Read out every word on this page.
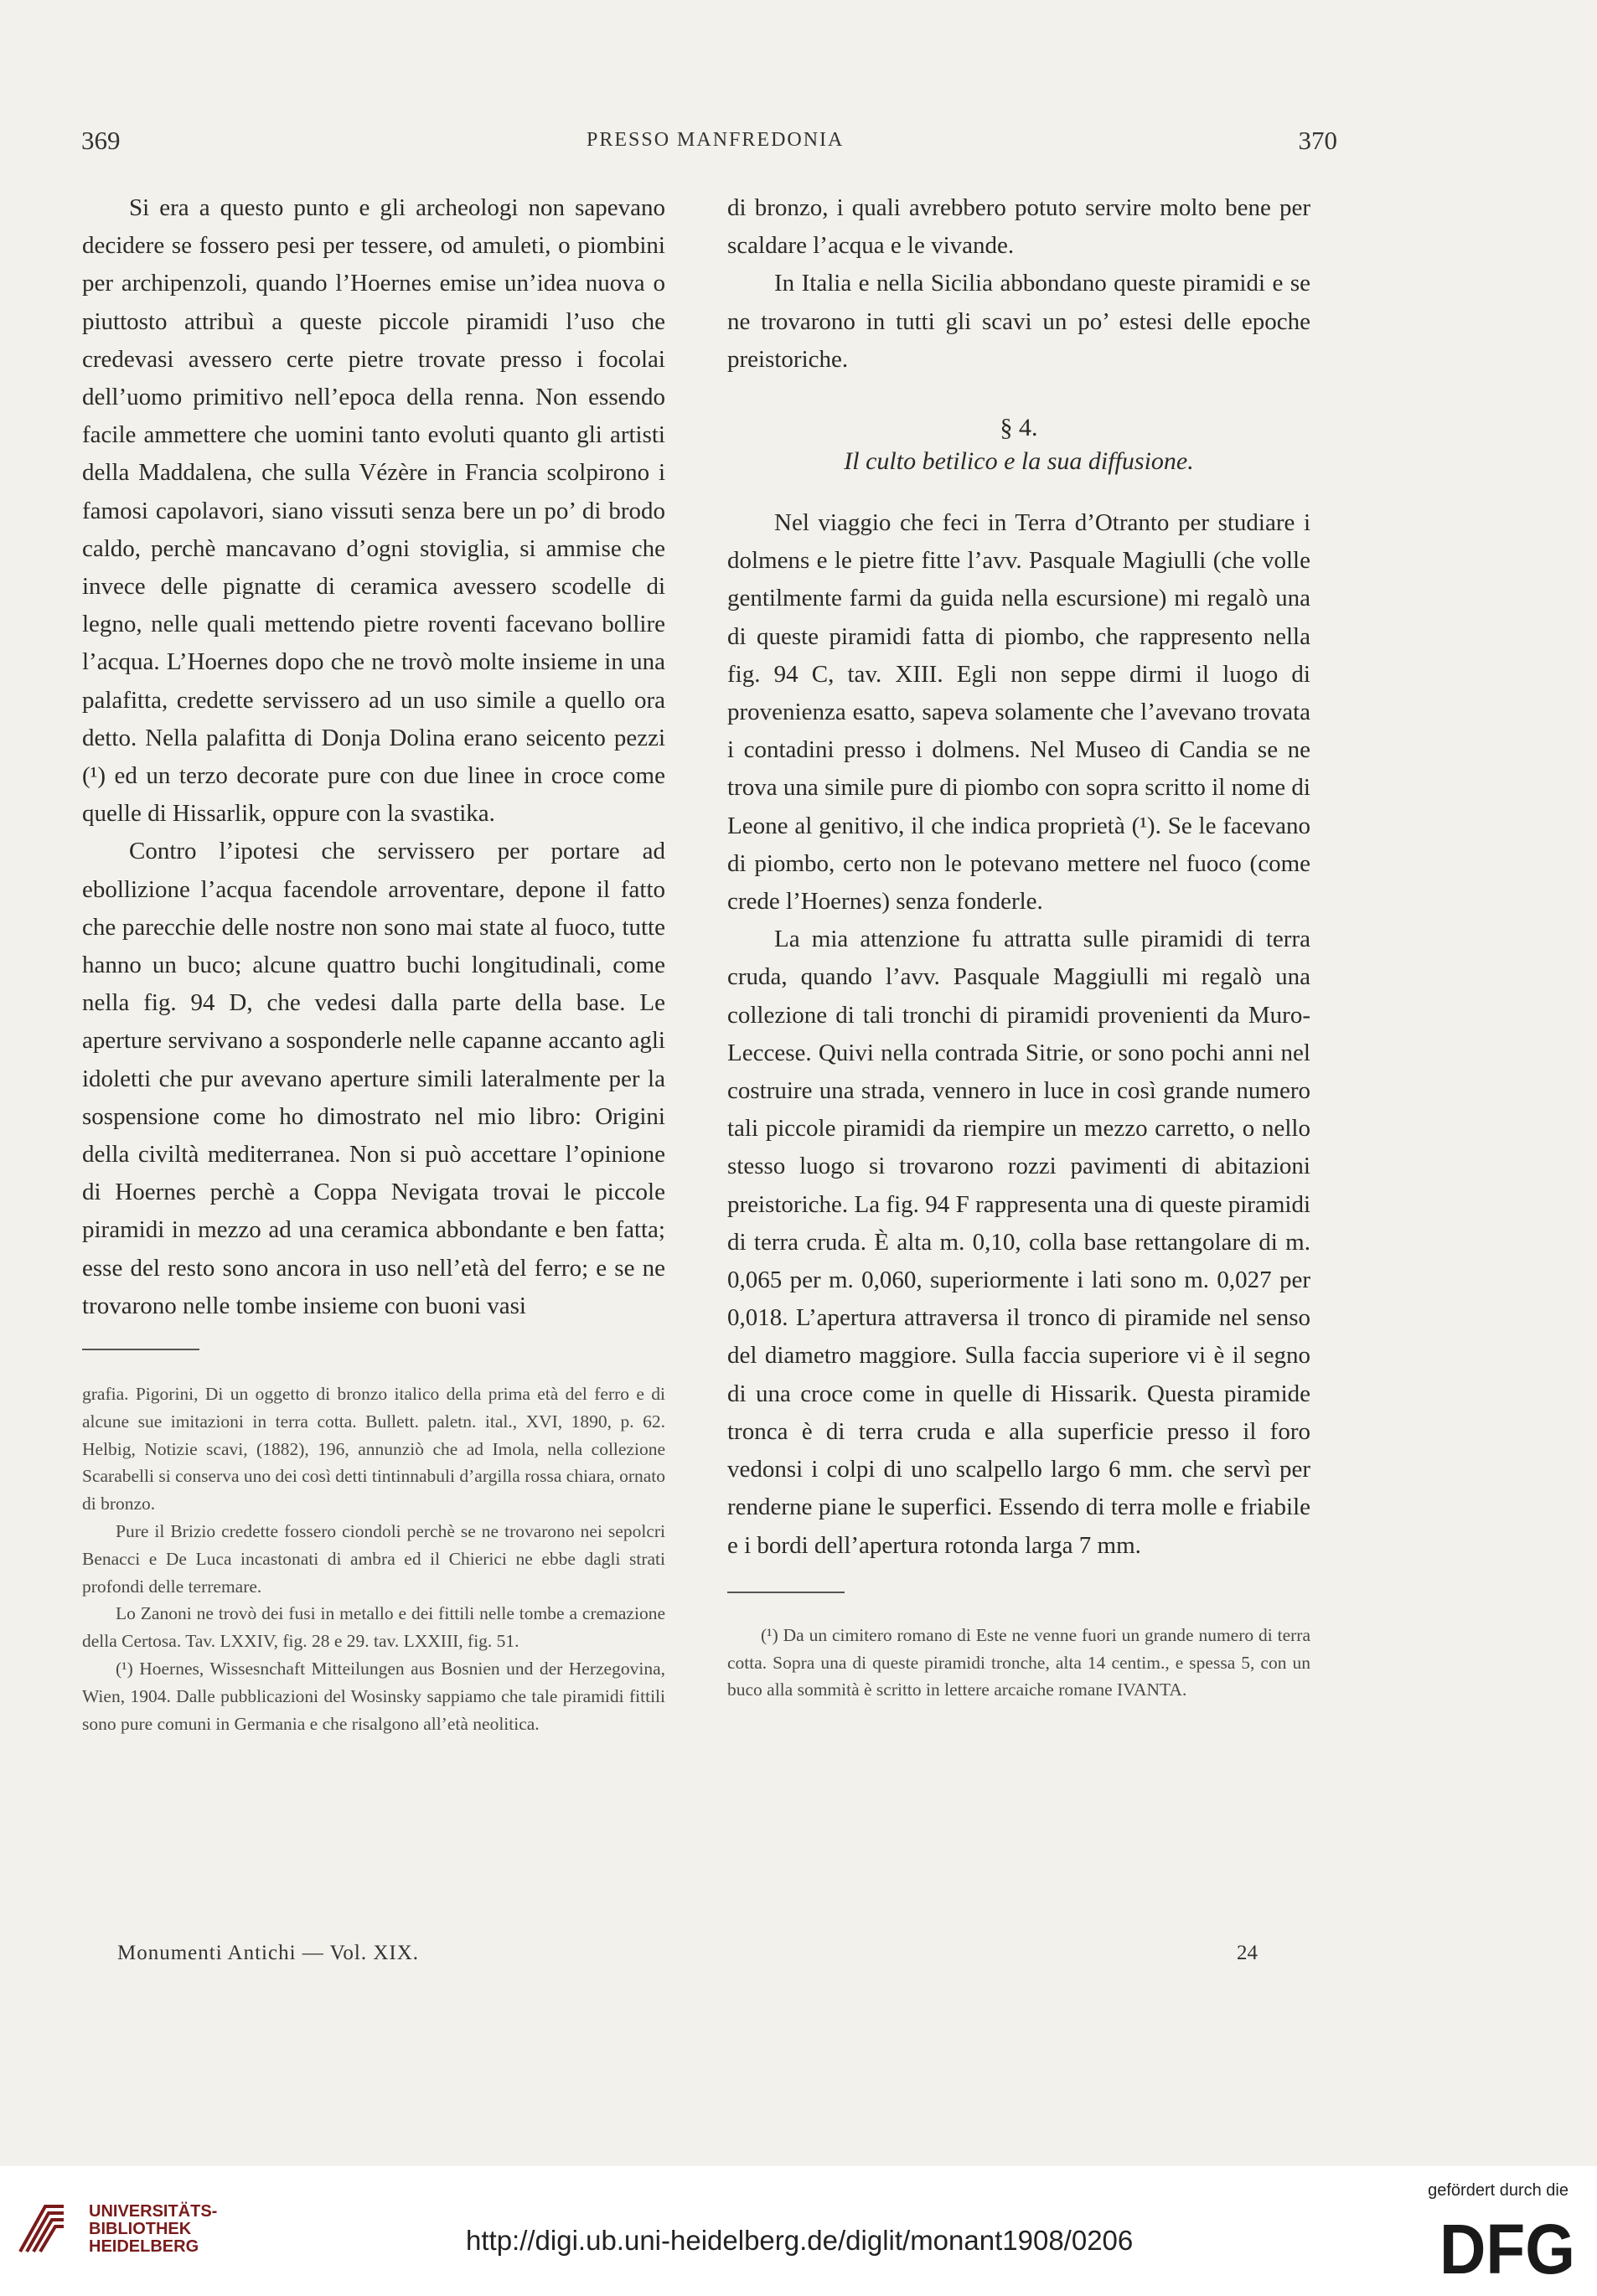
369	PRESSO MANFREDONIA	370

Si era a questo punto e gli archeologi non sapevano decidere se fossero pesi per tessere, od amuleti, o piombini per archipenzoli, quando l’Hoernes emise un’idea nuova o piuttosto attribuì a queste piccole piramidi l’uso che credevasi avessero certe pietre trovate presso i focolai dell’uomo primitivo nell’epoca della renna. Non essendo facile ammettere che uomini tanto evoluti quanto gli artisti della Maddalena, che sulla Vézère in Francia scolpirono i famosi capolavori, siano vissuti senza bere un po’ di brodo caldo, perchè mancavano d’ogni stoviglia, si ammise che invece delle pignatte di ceramica avessero scodelle di legno, nelle quali mettendo pietre roventi facevano bollire l’acqua. L’Hoernes dopo che ne trovò molte insieme in una palafitta, credette servissero ad un uso simile a quello ora detto. Nella palafitta di Donja Dolina erano seicento pezzi (¹) ed un terzo decorate pure con due linee in croce come quelle di Hissarlik, oppure con la svastika.

Contro l’ipotesi che servissero per portare ad ebollizione l’acqua facendole arroventare, depone il fatto che parecchie delle nostre non sono mai state al fuoco, tutte hanno un buco; alcune quattro buchi longitudinali, come nella fig. 94 D, che vedesi dalla parte della base. Le aperture servivano a sosponderle nelle capanne accanto agli idoletti che pur avevano aperture simili lateralmente per la sospensione come ho dimostrato nel mio libro: Origini della civiltà mediterranea. Non si può accettare l’opinione di Hoernes perchè a Coppa Nevigata trovai le piccole piramidi in mezzo ad una ceramica abbondante e ben fatta; esse del resto sono ancora in uso nell’età del ferro; e se ne trovarono nelle tombe insieme con buoni vasi

grafia. Pigorini, Di un oggetto di bronzo italico della prima età del ferro e di alcune sue imitazioni in terra cotta. Bullett. paletn. ital., XVI, 1890, p. 62. Helbig, Notizie scavi, (1882), 196, annunziò che ad Imola, nella collezione Scarabelli si conserva uno dei così detti tintinnabuli d’argilla rossa chiara, ornato di bronzo.

Pure il Brizio credette fossero ciondoli perchè se ne trovarono nei sepolcri Benacci e De Luca incastonati di ambra ed il Chierici ne ebbe dagli strati profondi delle terremare.

Lo Zanoni ne trovò dei fusi in metallo e dei fittili nelle tombe a cremazione della Certosa. Tav. LXXIV, fig. 28 e 29. tav. LXXIII, fig. 51.

(¹) Hoernes, Wissesnchaft Mitteilungen aus Bosnien und der Herzegovina, Wien, 1904. Dalle pubblicazioni del Wosinsky sappiamo che tale piramidi fittili sono pure comuni in Germania e che risalgono all’età neolitica.

di bronzo, i quali avrebbero potuto servire molto bene per scaldare l’acqua e le vivande.

In Italia e nella Sicilia abbondano queste piramidi e se ne trovarono in tutti gli scavi un po’ estesi delle epoche preistoriche.

§ 4.
Il culto betilico e la sua diffusione.

Nel viaggio che feci in Terra d’Otranto per studiare i dolmens e le pietre fitte l’avv. Pasquale Magiulli (che volle gentilmente farmi da guida nella escursione) mi regalò una di queste piramidi fatta di piombo, che rappresento nella fig. 94 C, tav. XIII. Egli non seppe dirmi il luogo di provenienza esatto, sapeva solamente che l’avevano trovata i contadini presso i dolmens. Nel Museo di Candia se ne trova una simile pure di piombo con sopra scritto il nome di Leone al genitivo, il che indica proprietà (¹). Se le facevano di piombo, certo non le potevano mettere nel fuoco (come crede l’Hoernes) senza fonderle.

La mia attenzione fu attratta sulle piramidi di terra cruda, quando l’avv. Pasquale Maggiulli mi regalò una collezione di tali tronchi di piramidi provenienti da Muro-Leccese. Quivi nella contrada Sitrie, or sono pochi anni nel costruire una strada, vennero in luce in così grande numero tali piccole piramidi da riempire un mezzo carretto, o nello stesso luogo si trovarono rozzi pavimenti di abitazioni preistoriche. La fig. 94 F rappresenta una di queste piramidi di terra cruda. È alta m. 0,10, colla base rettangolare di m. 0,065 per m. 0,060, superiormente i lati sono m. 0,027 per 0,018. L’apertura attraversa il tronco di piramide nel senso del diametro maggiore. Sulla faccia superiore vi è il segno di una croce come in quelle di Hissarik. Questa piramide tronca è di terra cruda e alla superficie presso il foro vedonsi i colpi di uno scalpello largo 6 mm. che servì per renderne piane le superfici. Essendo di terra molle e friabile e i bordi dell’apertura rotonda larga 7 mm.

(¹) Da un cimitero romano di Este ne venne fuori un grande numero di terra cotta. Sopra una di queste piramidi tronche, alta 14 centim., e spessa 5, con un buco alla sommità è scritto in lettere arcaiche romane IVANTA.

Monumenti Antichi — Vol. XIX.	24
UNIVERSITÄTS-
BIBLIOTHEK
HEIDELBERG	http://digi.ub.uni-heidelberg.de/diglit/monant1908/0206
gefördert durch die
DFG
